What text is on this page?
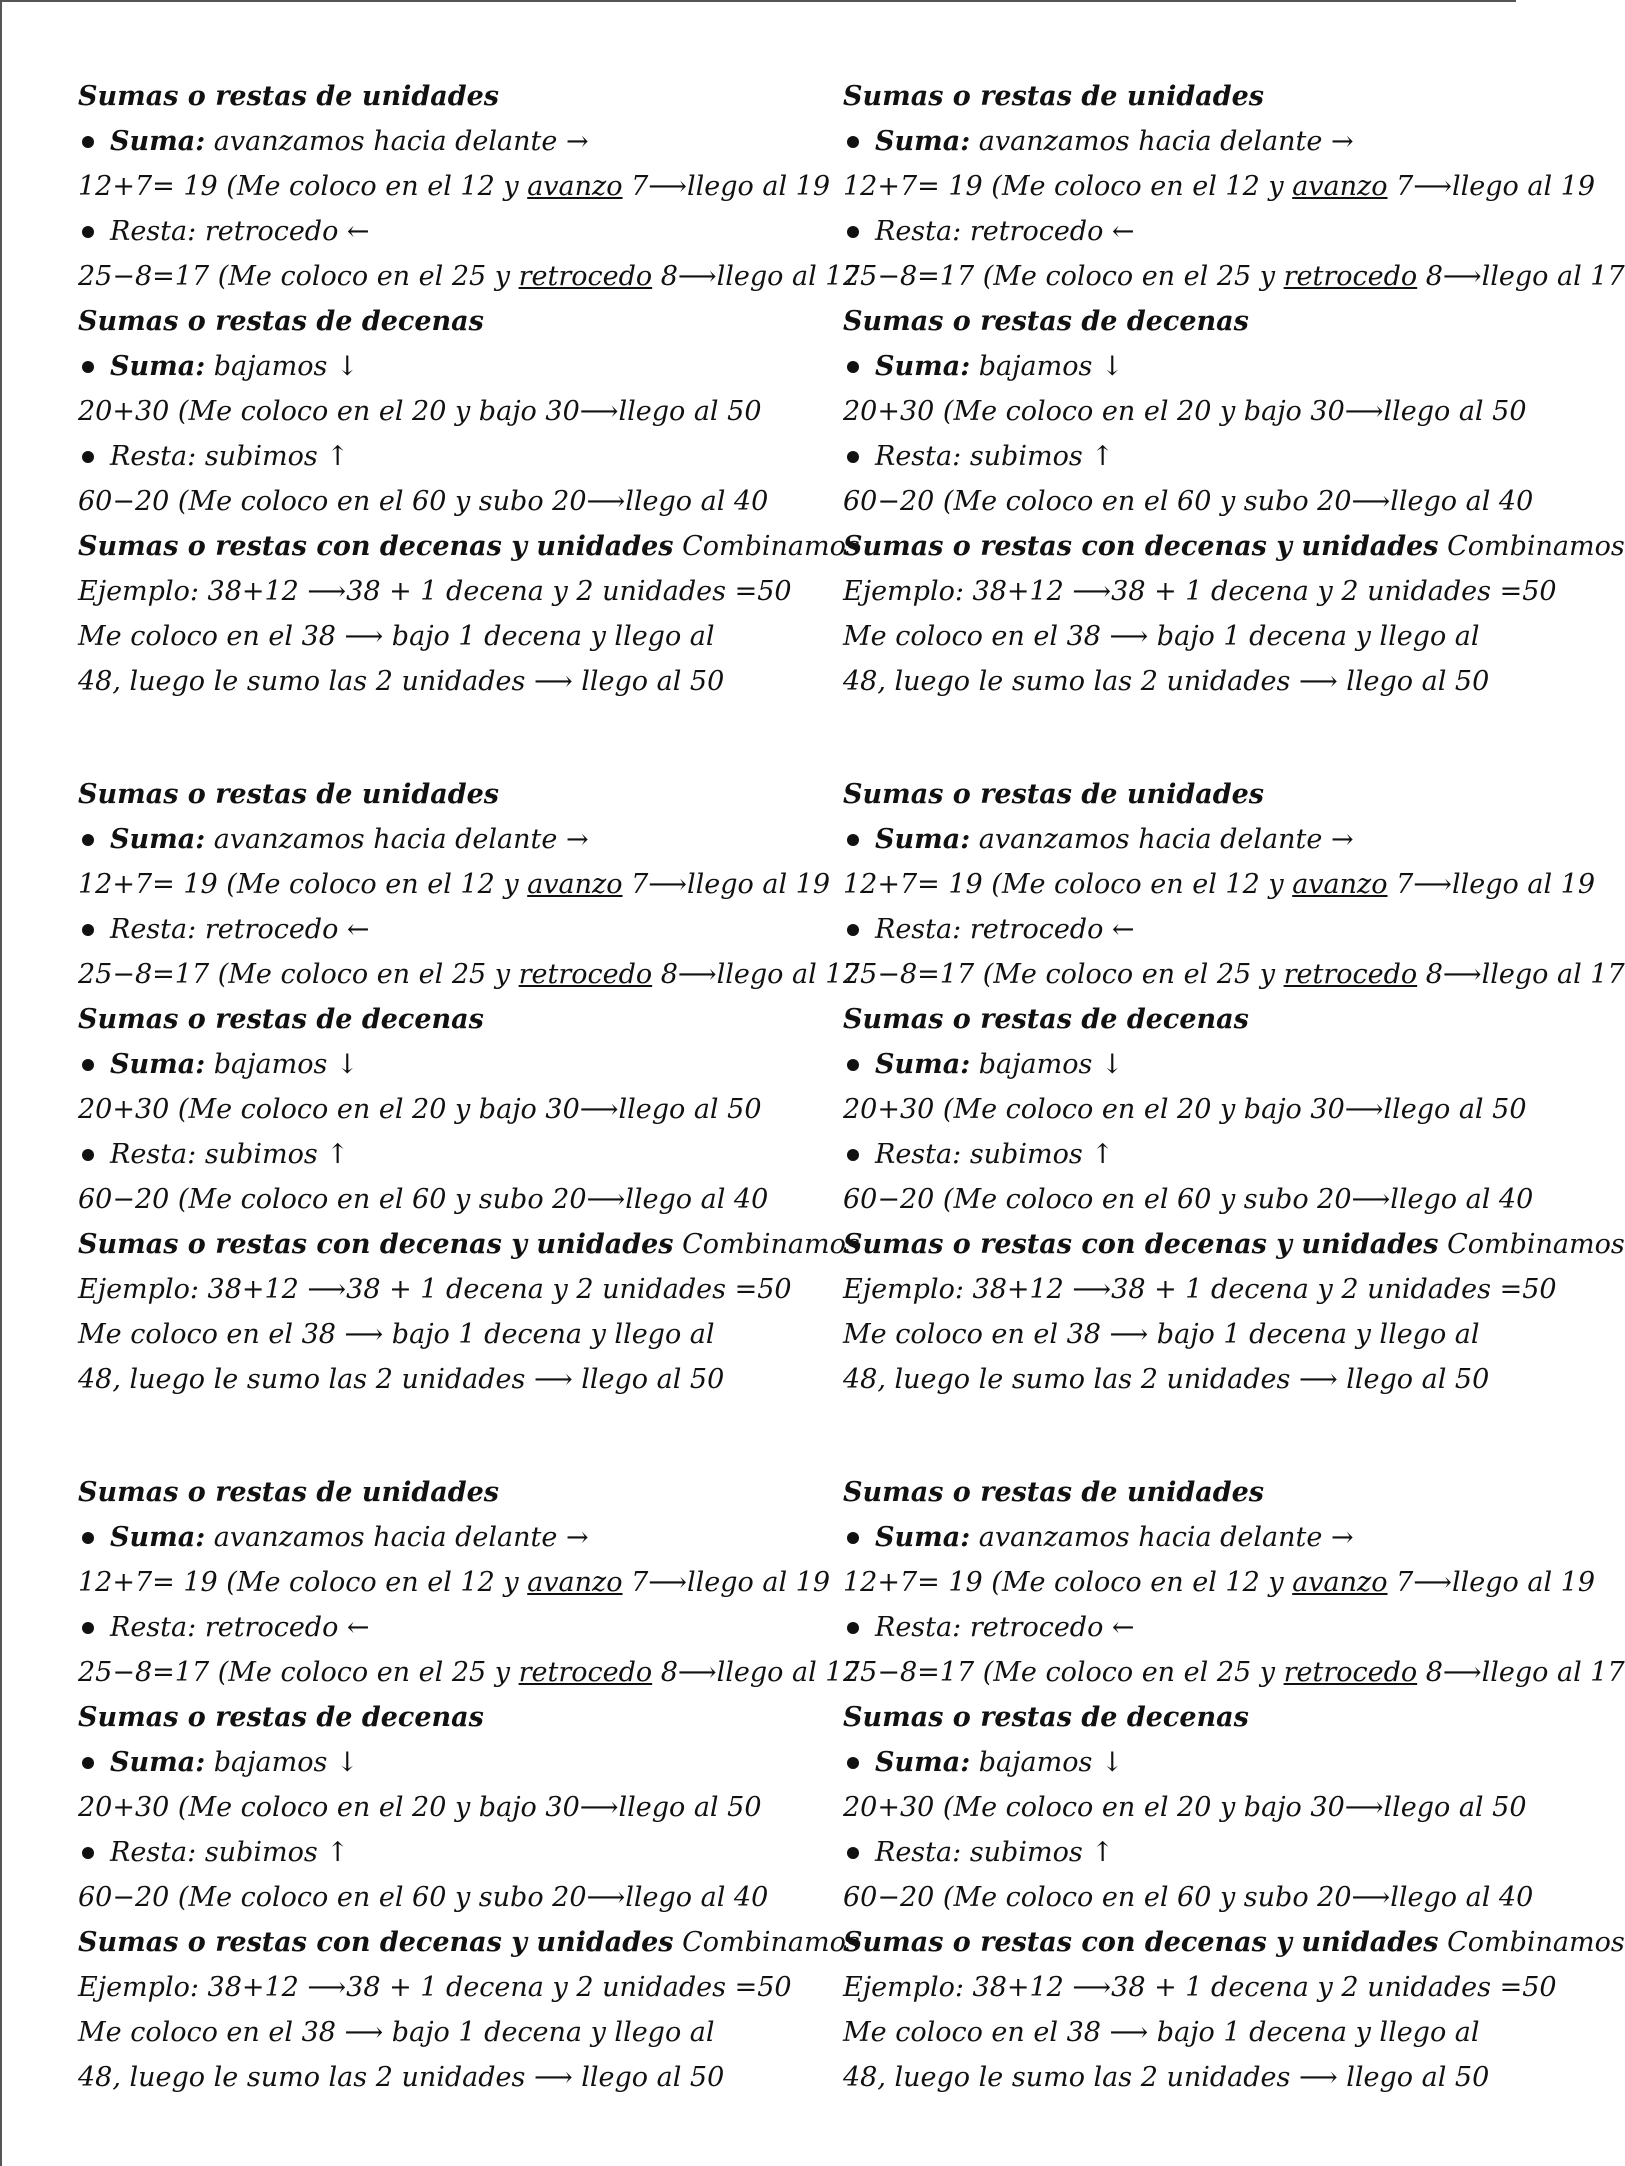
Sumas o restas de unidades
Suma: avanzamos hacia delante →
12+7= 19 (Me coloco en el 12 y avanzo 7⟶llego al 19
Resta: retrocedo ←
25−8=17 (Me coloco en el 25 y retrocedo 8⟶llego al 17
Sumas o restas de decenas
Suma: bajamos ↓
20+30 (Me coloco en el 20 y bajo 30⟶llego al 50
Resta: subimos ↑
60−20 (Me coloco en el 60 y subo 20⟶llego al 40
Sumas o restas con decenas y unidades Combinamos
Ejemplo: 38+12 ⟶38 + 1 decena y 2 unidades =50
Me coloco en el 38 ⟶ bajo 1 decena y llego al 48, luego le sumo las 2 unidades ⟶ llego al 50
Sumas o restas de unidades
Suma: avanzamos hacia delante →
12+7= 19 (Me coloco en el 12 y avanzo 7⟶llego al 19
Resta: retrocedo ←
25−8=17 (Me coloco en el 25 y retrocedo 8⟶llego al 17
Sumas o restas de decenas
Suma: bajamos ↓
20+30 (Me coloco en el 20 y bajo 30⟶llego al 50
Resta: subimos ↑
60−20 (Me coloco en el 60 y subo 20⟶llego al 40
Sumas o restas con decenas y unidades Combinamos
Ejemplo: 38+12 ⟶38 + 1 decena y 2 unidades =50
Me coloco en el 38 ⟶ bajo 1 decena y llego al 48, luego le sumo las 2 unidades ⟶ llego al 50
Sumas o restas de unidades
Suma: avanzamos hacia delante →
12+7= 19 (Me coloco en el 12 y avanzo 7⟶llego al 19
Resta: retrocedo ←
25−8=17 (Me coloco en el 25 y retrocedo 8⟶llego al 17
Sumas o restas de decenas
Suma: bajamos ↓
20+30 (Me coloco en el 20 y bajo 30⟶llego al 50
Resta: subimos ↑
60−20 (Me coloco en el 60 y subo 20⟶llego al 40
Sumas o restas con decenas y unidades Combinamos
Ejemplo: 38+12 ⟶38 + 1 decena y 2 unidades =50
Me coloco en el 38 ⟶ bajo 1 decena y llego al 48, luego le sumo las 2 unidades ⟶ llego al 50
Sumas o restas de unidades
Suma: avanzamos hacia delante →
12+7= 19 (Me coloco en el 12 y avanzo 7⟶llego al 19
Resta: retrocedo ←
25−8=17 (Me coloco en el 25 y retrocedo 8⟶llego al 17
Sumas o restas de decenas
Suma: bajamos ↓
20+30 (Me coloco en el 20 y bajo 30⟶llego al 50
Resta: subimos ↑
60−20 (Me coloco en el 60 y subo 20⟶llego al 40
Sumas o restas con decenas y unidades Combinamos
Ejemplo: 38+12 ⟶38 + 1 decena y 2 unidades =50
Me coloco en el 38 ⟶ bajo 1 decena y llego al 48, luego le sumo las 2 unidades ⟶ llego al 50
Sumas o restas de unidades
Suma: avanzamos hacia delante →
12+7= 19 (Me coloco en el 12 y avanzo 7⟶llego al 19
Resta: retrocedo ←
25−8=17 (Me coloco en el 25 y retrocedo 8⟶llego al 17
Sumas o restas de decenas
Suma: bajamos ↓
20+30 (Me coloco en el 20 y bajo 30⟶llego al 50
Resta: subimos ↑
60−20 (Me coloco en el 60 y subo 20⟶llego al 40
Sumas o restas con decenas y unidades Combinamos
Ejemplo: 38+12 ⟶38 + 1 decena y 2 unidades =50
Me coloco en el 38 ⟶ bajo 1 decena y llego al 48, luego le sumo las 2 unidades ⟶ llego al 50
Sumas o restas de unidades
Suma: avanzamos hacia delante →
12+7= 19 (Me coloco en el 12 y avanzo 7⟶llego al 19
Resta: retrocedo ←
25−8=17 (Me coloco en el 25 y retrocedo 8⟶llego al 17
Sumas o restas de decenas
Suma: bajamos ↓
20+30 (Me coloco en el 20 y bajo 30⟶llego al 50
Resta: subimos ↑
60−20 (Me coloco en el 60 y subo 20⟶llego al 40
Sumas o restas con decenas y unidades Combinamos
Ejemplo: 38+12 ⟶38 + 1 decena y 2 unidades =50
Me coloco en el 38 ⟶ bajo 1 decena y llego al 48, luego le sumo las 2 unidades ⟶ llego al 50
